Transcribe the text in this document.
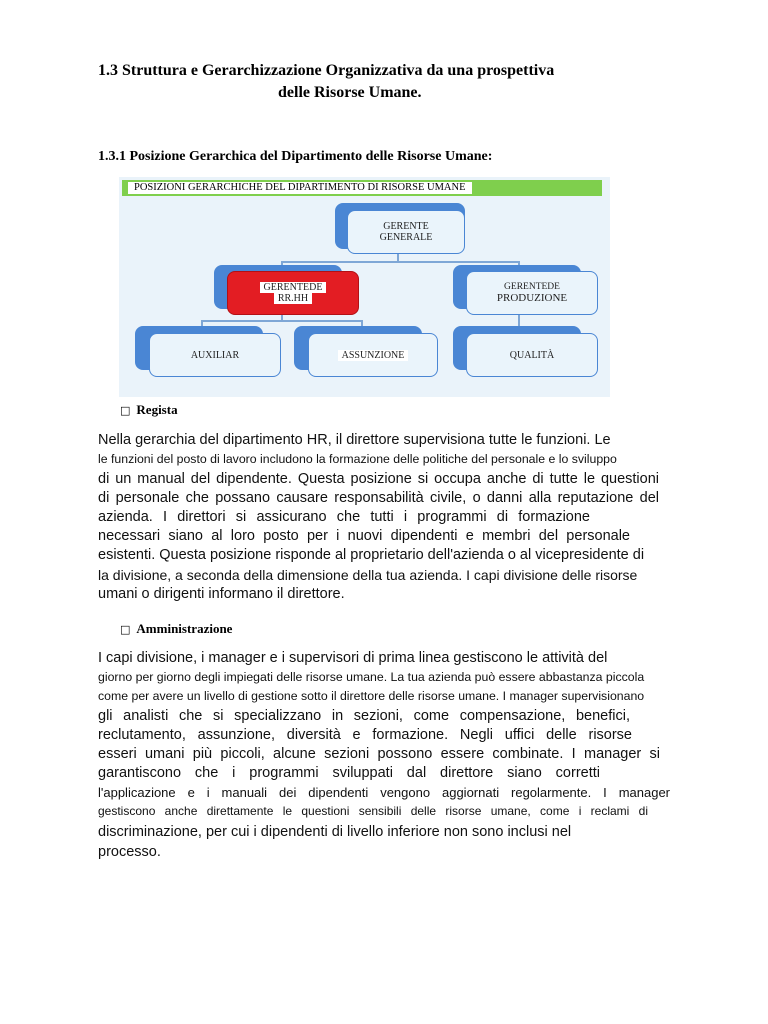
1.3 Struttura e Gerarchizzazione Organizzativa da una prospettiva
delle Risorse Umane.
1.3.1 Posizione Gerarchica del Dipartimento delle Risorse Umane:
POSIZIONI GERARCHICHE DEL DIPARTIMENTO DI RISORSE UMANE
GERENTE
GENERALE
GERENTEDE
RR.HH
GERENTEDE
PRODUZIONE
AUXILIAR	ASSUNZIONE	QUALITÀ
□ Regista
Nella gerarchia del dipartimento HR, il direttore supervisiona tutte le funzioni. Le
le funzioni del posto di lavoro includono la formazione delle politiche del personale e lo sviluppo
di un manual del dipendente. Questa posizione si occupa anche di tutte le questioni
di personale che possano causare responsabilità civile, o danni alla reputazione del
azienda. I direttori si assicurano che tutti i programmi di formazione
necessari siano al loro posto per i nuovi dipendenti e membri del personale
esistenti. Questa posizione risponde al proprietario dell'azienda o al vicepresidente di
la divisione, a seconda della dimensione della tua azienda. I capi divisione delle risorse
umani o dirigenti informano il direttore.
□ Amministrazione
I capi divisione, i manager e i supervisori di prima linea gestiscono le attività del
giorno per giorno degli impiegati delle risorse umane. La tua azienda può essere abbastanza piccola
come per avere un livello di gestione sotto il direttore delle risorse umane. I manager supervisionano
gli analisti che si specializzano in sezioni, come compensazione, benefici,
reclutamento, assunzione, diversità e formazione. Negli uffici delle risorse
esseri umani più piccoli, alcune sezioni possono essere combinate. I manager si
garantiscono che i programmi sviluppati dal direttore siano corretti
l'applicazione e i manuali dei dipendenti vengono aggiornati regolarmente. I manager
gestiscono anche direttamente le questioni sensibili delle risorse umane, come i reclami di
discriminazione, per cui i dipendenti di livello inferiore non sono inclusi nel
processo.
